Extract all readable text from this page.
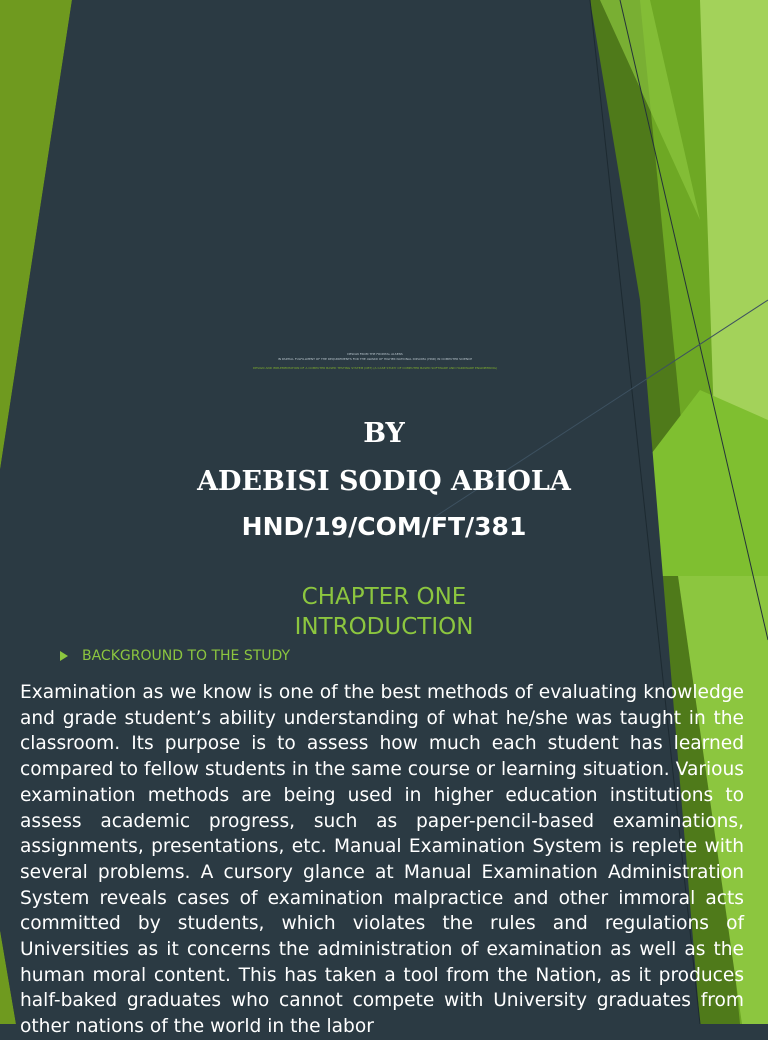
DESIGN FROM THE FRONTAL ALSENS
IN PARTIAL FULFILLMENT OF THE REQUIREMENTS FOR THE AWARD OF HIGHER NATIONAL DIPLOMA (HND) IN COMPUTER SCIENCE
DESIGN AND IMPLEMENTATION OF A COMPUTER BASED TESTING SYSTEM (CBT) (A CASE STUDY OF COMPUTER BASED SOFTWARE AND HARDWARE ENGINEERING)
BY
ADEBISI SODIQ ABIOLA
HND/19/COM/FT/381
CHAPTER ONE
INTRODUCTION
BACKGROUND TO THE STUDY

Examination as we know is one of the best methods of evaluating knowledge and grade student’s ability understanding of what he/she was taught in the classroom. Its purpose is to assess how much each student has learned compared to fellow students in the same course or learning situation. Various examination methods are being used in higher education institutions to assess academic progress, such as paper-pencil-based examinations, assignments, presentations, etc. Manual Examination System is replete with several problems. A cursory glance at Manual Examination Administration System reveals cases of examination malpractice and other immoral acts committed by students, which violates the rules and regulations of Universities as it concerns the administration of examination as well as the human moral content. This has taken a tool from the Nation, as it produces half-baked graduates who cannot compete with University graduates from other nations of the world in the labor
